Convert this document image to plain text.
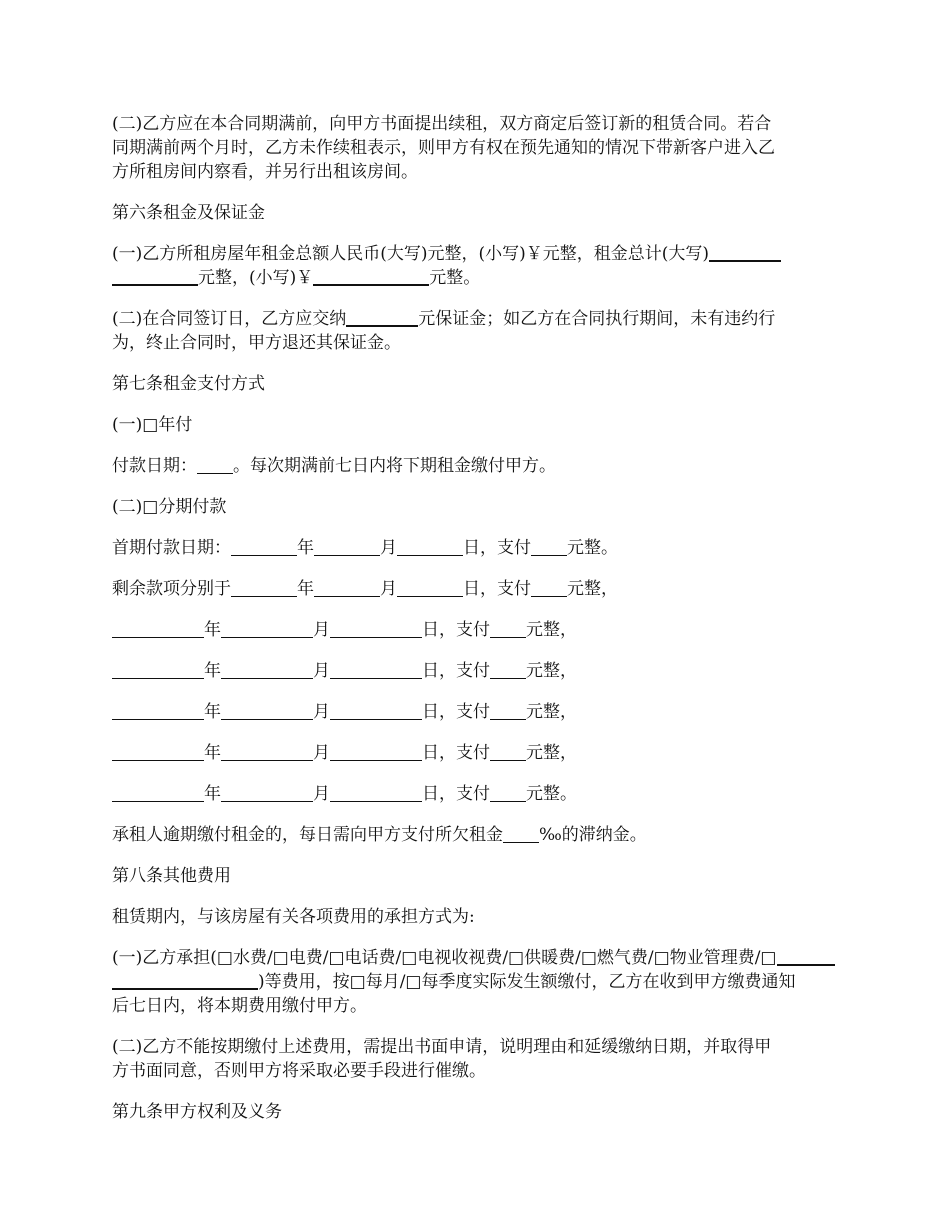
(二)乙方应在本合同期满前，向甲方书面提出续租，双方商定后签订新的租赁合同。若合

同期满前两个月时，乙方未作续租表示，则甲方有权在预先通知的情况下带新客户进入乙

方所租房间内察看，并另行出租该房间。

第六条租金及保证金

(一)乙方所租房屋年租金总额人民币(大写)元整，(小写)￥元整，租金总计(大写)

元整，(小写)￥	元整。

(二)在合同签订日，乙方应交纳	元保证金；如乙方在合同执行期间，未有违约行

为，终止合同时，甲方退还其保证金。

第七条租金支付方式

(一)□年付

付款日期： 。每次期满前七日内将下期租金缴付甲方。

(二)□分期付款

首期付款日期：	年	月	日，支付 元整。

剩余款项分别于	年	月	日，支付 元整，

年	月	日，支付 元整，

年	月	日，支付 元整，

年	月	日，支付 元整，

年	月	日，支付 元整，

年	月	日，支付 元整。

承租人逾期缴付租金的，每日需向甲方支付所欠租金 ‰的滞纳金。

第八条其他费用

租赁期内，与该房屋有关各项费用的承担方式为:

(一)乙方承担(□水费/□电费/□电话费/□电视收视费/□供暖费/□燃气费/□物业管理费/□

)等费用，按□每月/□每季度实际发生额缴付，乙方在收到甲方缴费通知

后七日内，将本期费用缴付甲方。

(二)乙方不能按期缴付上述费用，需提出书面申请，说明理由和延缓缴纳日期，并取得甲

方书面同意，否则甲方将采取必要手段进行催缴。

第九条甲方权利及义务
